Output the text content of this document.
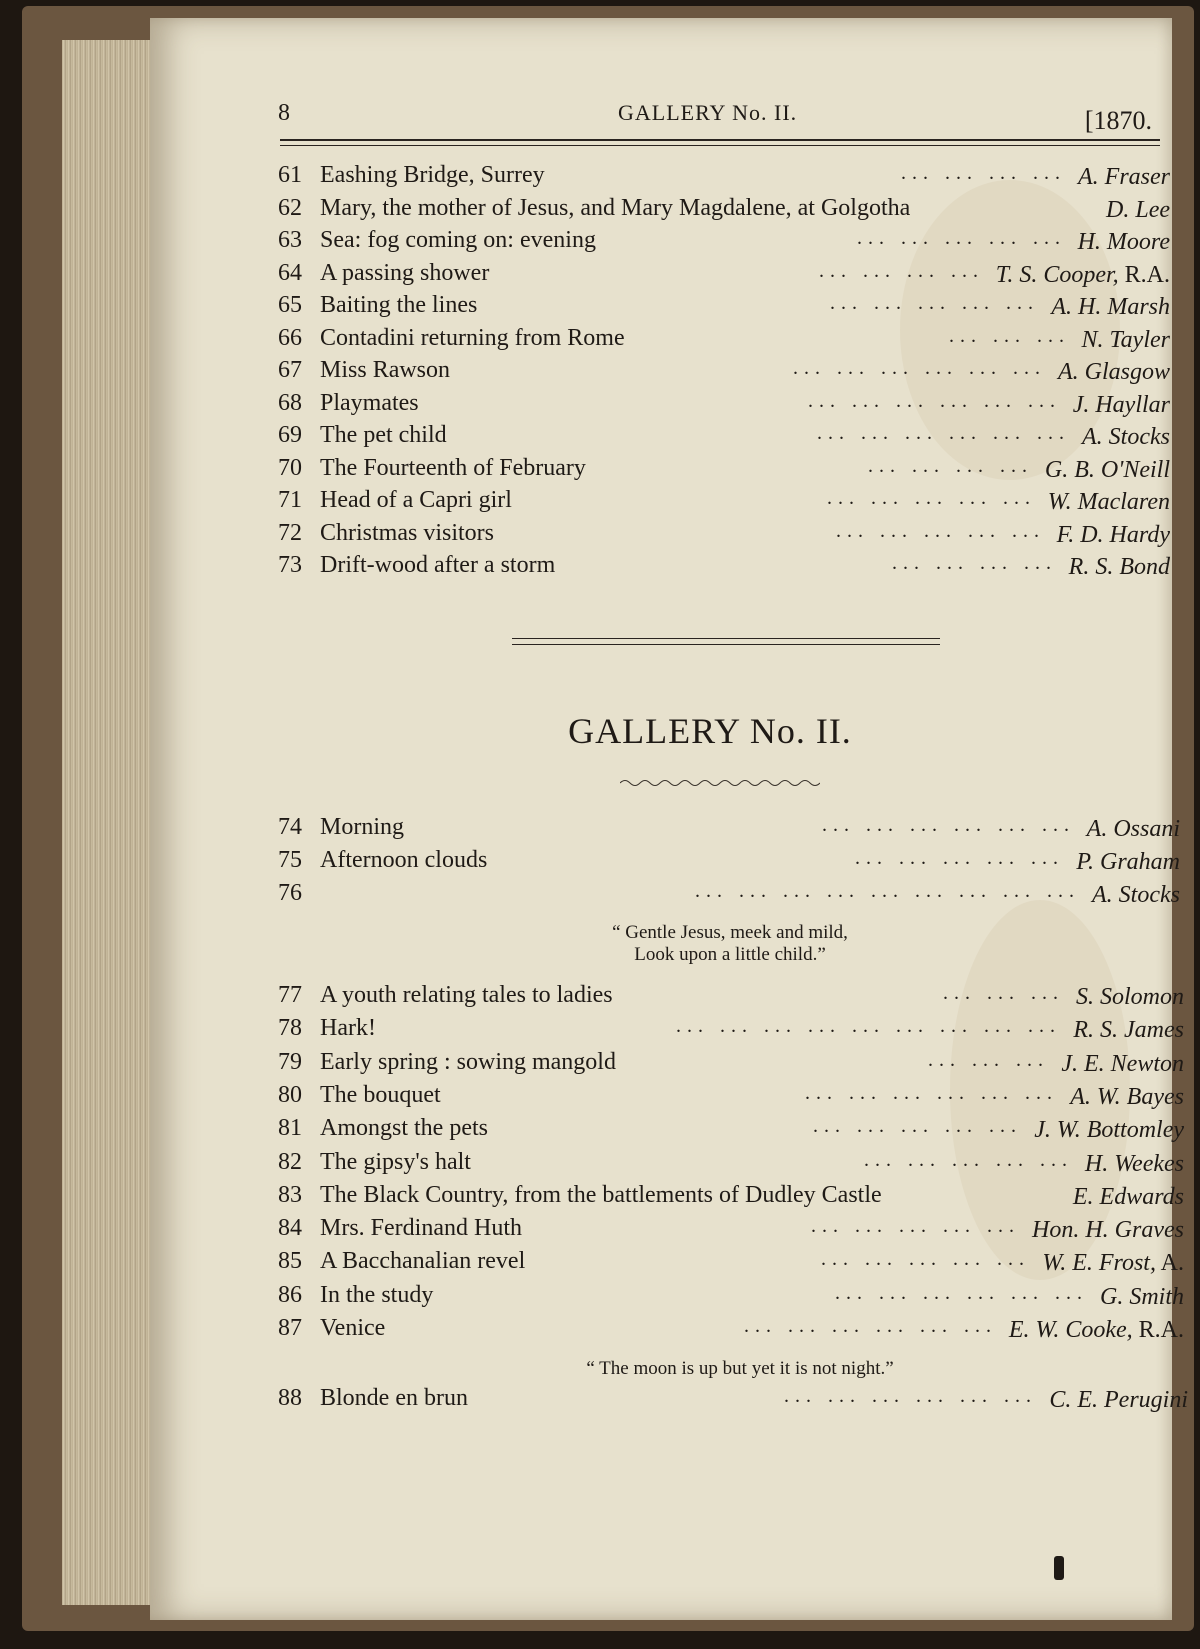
8	GALLERY No. II.	[1870.
61 Eashing Bridge, Surrey	... ... ... ... A. Fraser
62 Mary, the mother of Jesus, and Mary Magdalene, at Golgotha	D. Lee
63 Sea: fog coming on: evening	... ... ... ... ... H. Moore
64 A passing shower	... ... ... ... T. S. Cooper, R.A.
65 Baiting the lines	... ... ... ... ... A. H. Marsh
66 Contadini returning from Rome	... ... ... N. Tayler
67 Miss Rawson	... ... ... ... ... ... A. Glasgow
68 Playmates	... ... ... ... ... ... J. Hayllar
69 The pet child	... ... ... ... ... ... A. Stocks
70 The Fourteenth of February	... ... ... ... G. B. O'Neill
71 Head of a Capri girl	... ... ... ... ... W. Maclaren
72 Christmas visitors	... ... ... ... ... F. D. Hardy
73 Drift-wood after a storm	... ... ... ... R. S. Bond
GALLERY No. II.
74 Morning	... ... ... ... ... ... A. Ossani
75 Afternoon clouds	... ... ... ... ... P. Graham
76	... ... ... ... ... ... ... ... ... A. Stocks
“ Gentle Jesus, meek and mild,
Look upon a little child.”
77 A youth relating tales to ladies	... ... ... S. Solomon
78 Hark!	... ... ... ... ... ... ... ... ... R. S. James
79 Early spring : sowing mangold	... ... ... J. E. Newton
80 The bouquet	... ... ... ... ... ... A. W. Bayes
81 Amongst the pets	... ... ... ... ... J. W. Bottomley
82 The gipsy's halt	... ... ... ... ... H. Weekes
83 The Black Country, from the battlements of Dudley Castle	E. Edwards
84 Mrs. Ferdinand Huth	... ... ... ... ... Hon. H. Graves
85 A Bacchanalian revel	... ... ... ... ... W. E. Frost, A.
86 In the study	... ... ... ... ... ... G. Smith
87 Venice	... ... ... ... ... ... E. W. Cooke, R.A.
“ The moon is up but yet it is not night.”
88 Blonde en brun	... ... ... ... ... ... C. E. Perugini
